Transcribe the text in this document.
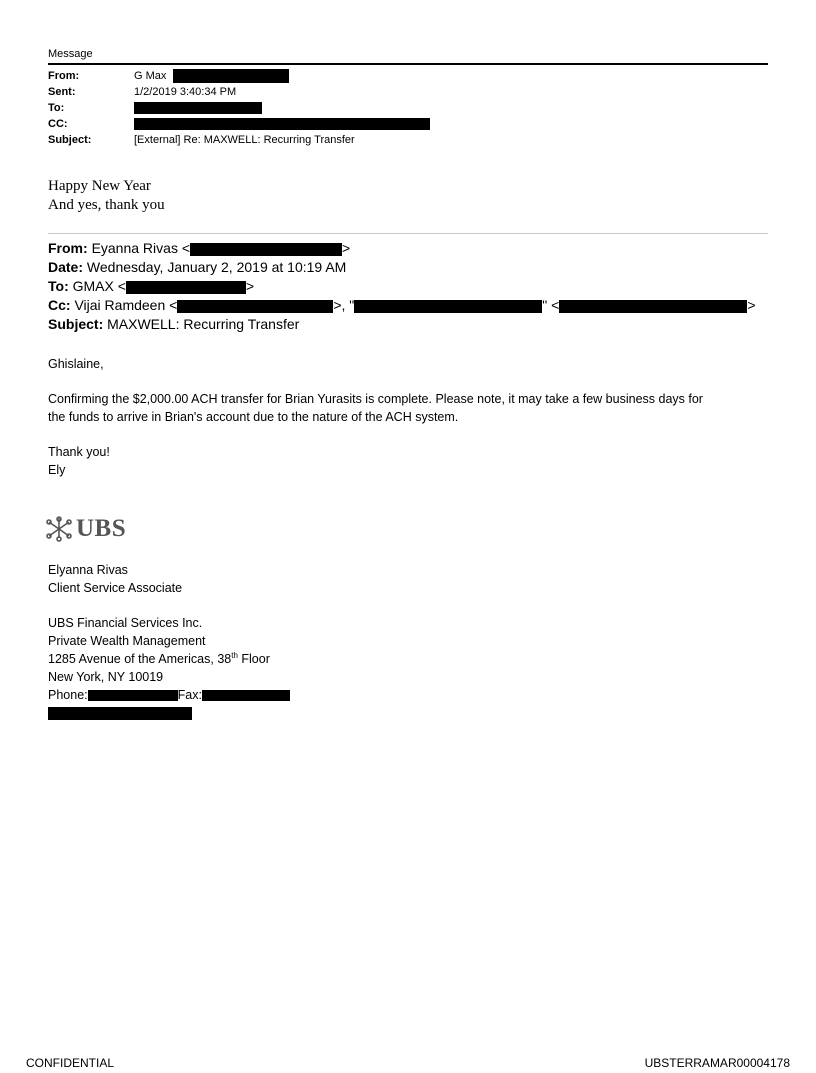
Message
From:	G Max
Sent:	1/2/2019 3:40:34 PM
To:
CC:
Subject:	[External] Re: MAXWELL: Recurring Transfer
Happy New Year
And yes, thank you
From: Eyanna Rivas <	>
Date: Wednesday, January 2, 2019 at 10:19 AM
To: GMAX <	>
Cc: Vijai Ramdeen <	>, "	" <	>
Subject: MAXWELL: Recurring Transfer
Ghislaine,
Confirming the $2,000.00 ACH transfer for Brian Yurasits is complete. Please note, it may take a few business days for
the funds to arrive in Brian's account due to the nature of the ACH system.
Thank you!
Ely
UBS
Elyanna Rivas
Client Service Associate
UBS Financial Services Inc.
Private Wealth Management
1285 Avenue of the Americas, 38th Floor
New York, NY 10019
Phone:	Fax:
CONFIDENTIAL	UBSTERRAMAR00004178
